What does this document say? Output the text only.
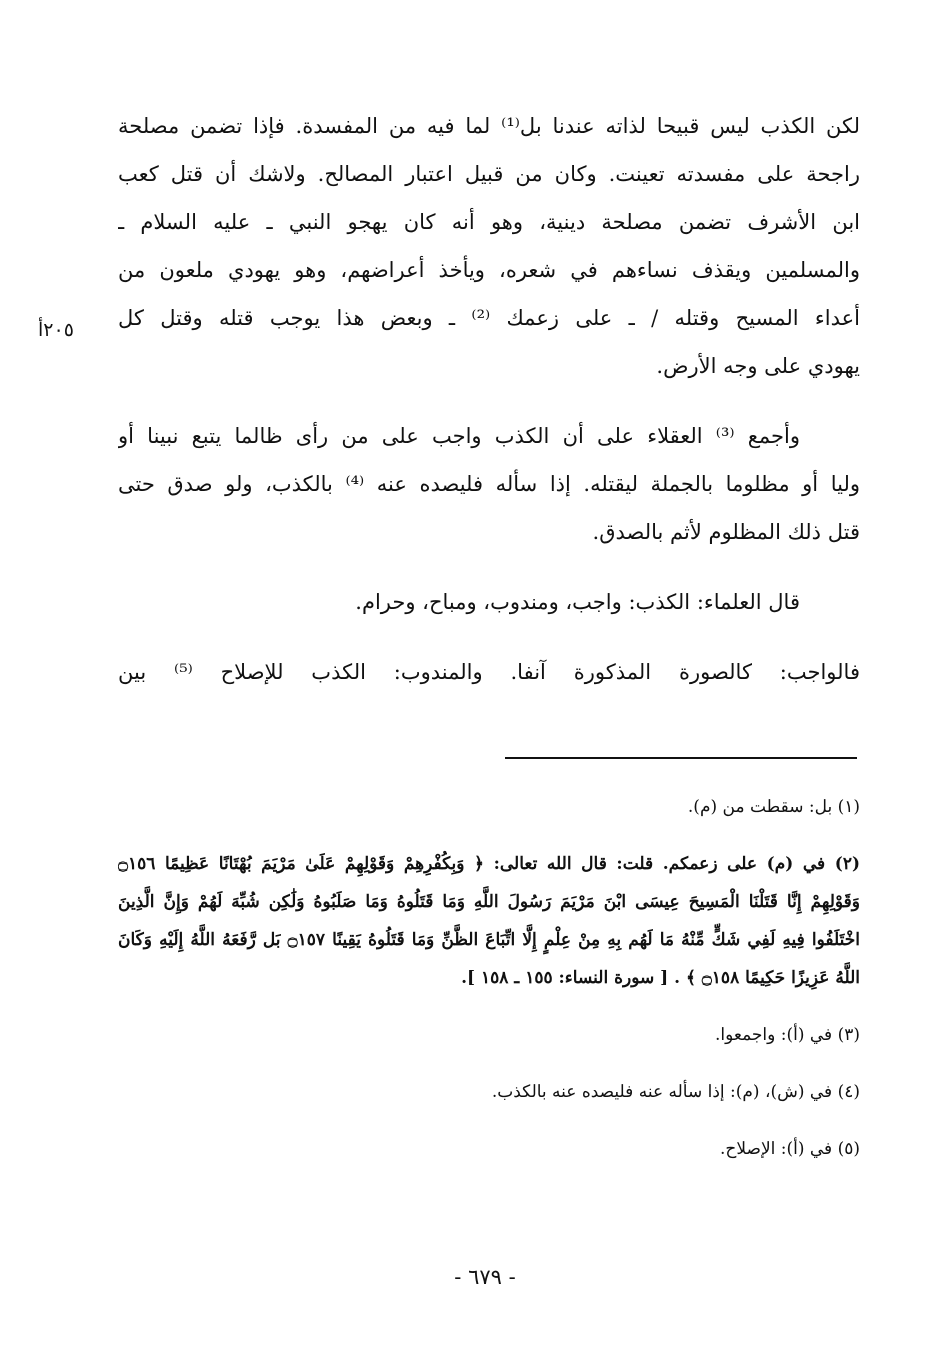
لكن الكذب ليس قبيحا لذاته عندنا بل⁽¹⁾ لما فيه من المفسدة. فإذا تضمن مصلحة
راجحة على مفسدته تعينت. وكان من قبيل اعتبار المصالح. ولاشك أن قتل كعب
ابن الأشرف تضمن مصلحة دينية، وهو أنه كان يهجو النبي ـ عليه السلام ـ
والمسلمين ويقذف نساءهم في شعره، ويأخذ أعراضهم، وهو يهودي ملعون من
أعداء المسيح وقتله / ـ على زعمك ⁽²⁾ ـ وبعض هذا يوجب قتله وقتل كل
يهودي على وجه الأرض.
وأجمع ⁽³⁾ العقلاء على أن الكذب واجب على من رأى ظالما يتبع نبينا أو
وليا أو مظلوما بالجملة ليقتله. إذا سأله فليصده عنه ⁽⁴⁾ بالكذب، ولو صدق حتى
قتل ذلك المظلوم لأثم بالصدق.
قال العلماء: الكذب: واجب، ومندوب، ومباح، وحرام.
فالواجب: كالصورة المذكورة آنفا. والمندوب: الكذب للإصلاح ⁽⁵⁾ بين
٢٠٥أ
(١) بل: سقطت من (م).
(٢) في (م) على زعمكم. قلت: قال الله تعالى: ﴿ وَبِكُفْرِهِمْ وَقَوْلِهِمْ عَلَىٰ مَرْيَمَ بُهْتَانًا عَظِيمًا ۝١٥٦
وَقَوْلِهِمْ إِنَّا قَتَلْنَا الْمَسِيحَ عِيسَى ابْنَ مَرْيَمَ رَسُولَ اللَّهِ وَمَا قَتَلُوهُ وَمَا صَلَبُوهُ وَلَٰكِن شُبِّهَ لَهُمْ وَإِنَّ الَّذِينَ
اخْتَلَفُوا فِيهِ لَفِي شَكٍّ مِّنْهُ مَا لَهُم بِهِ مِنْ عِلْمٍ إِلَّا اتِّبَاعَ الظَّنِّ وَمَا قَتَلُوهُ يَقِينًا ۝١٥٧ بَل رَّفَعَهُ اللَّهُ إِلَيْهِ وَكَانَ
اللَّهُ عَزِيزًا حَكِيمًا ۝١٥٨ ﴾ . [ سورة النساء: ١٥٥ ـ ١٥٨ ].
(٣) في (أ): واجمعوا.
(٤) في (ش)، (م): إذا سأله عنه فليصده عنه بالكذب.
(٥) في (أ): الإصلاح.
- ٦٧٩ -
